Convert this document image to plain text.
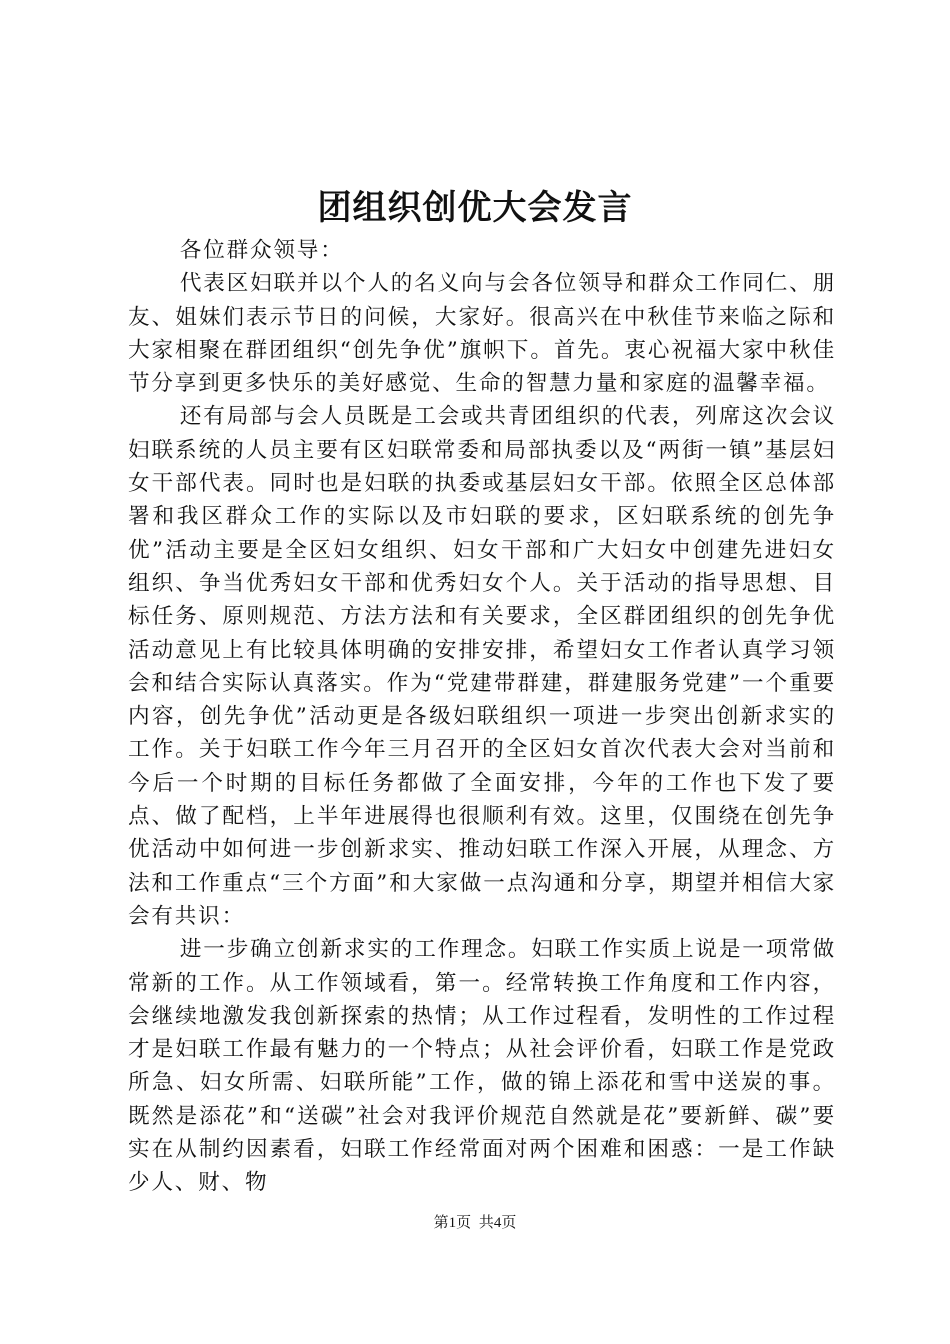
团组织创优大会发言

各位群众领导：

代表区妇联并以个人的名义向与会各位领导和群众工作同仁、朋友、姐妹们表示节日的问候，大家好。很高兴在中秋佳节来临之际和大家相聚在群团组织“创先争优”旗帜下。首先。衷心祝福大家中秋佳节分享到更多快乐的美好感觉、生命的智慧力量和家庭的温馨幸福。

还有局部与会人员既是工会或共青团组织的代表，列席这次会议妇联系统的人员主要有区妇联常委和局部执委以及“两街一镇”基层妇女干部代表。同时也是妇联的执委或基层妇女干部。依照全区总体部署和我区群众工作的实际以及市妇联的要求，区妇联系统的创先争优”活动主要是全区妇女组织、妇女干部和广大妇女中创建先进妇女组织、争当优秀妇女干部和优秀妇女个人。关于活动的指导思想、目标任务、原则规范、方法方法和有关要求，全区群团组织的创先争优活动意见上有比较具体明确的安排安排，希望妇女工作者认真学习领会和结合实际认真落实。作为“党建带群建，群建服务党建”一个重要内容，创先争优”活动更是各级妇联组织一项进一步突出创新求实的工作。关于妇联工作今年三月召开的全区妇女首次代表大会对当前和今后一个时期的目标任务都做了全面安排，今年的工作也下发了要点、做了配档，上半年进展得也很顺利有效。这里，仅围绕在创先争优活动中如何进一步创新求实、推动妇联工作深入开展，从理念、方法和工作重点“三个方面”和大家做一点沟通和分享，期望并相信大家会有共识：

进一步确立创新求实的工作理念。妇联工作实质上说是一项常做常新的工作。从工作领域看，第一。经常转换工作角度和工作内容，会继续地激发我创新探索的热情；从工作过程看，发明性的工作过程才是妇联工作最有魅力的一个特点；从社会评价看，妇联工作是党政所急、妇女所需、妇联所能”工作，做的锦上添花和雪中送炭的事。既然是添花”和“送碳”社会对我评价规范自然就是花”要新鲜、碳”要实在从制约因素看，妇联工作经常面对两个困难和困惑：一是工作缺少人、财、物

第1页 共4页
